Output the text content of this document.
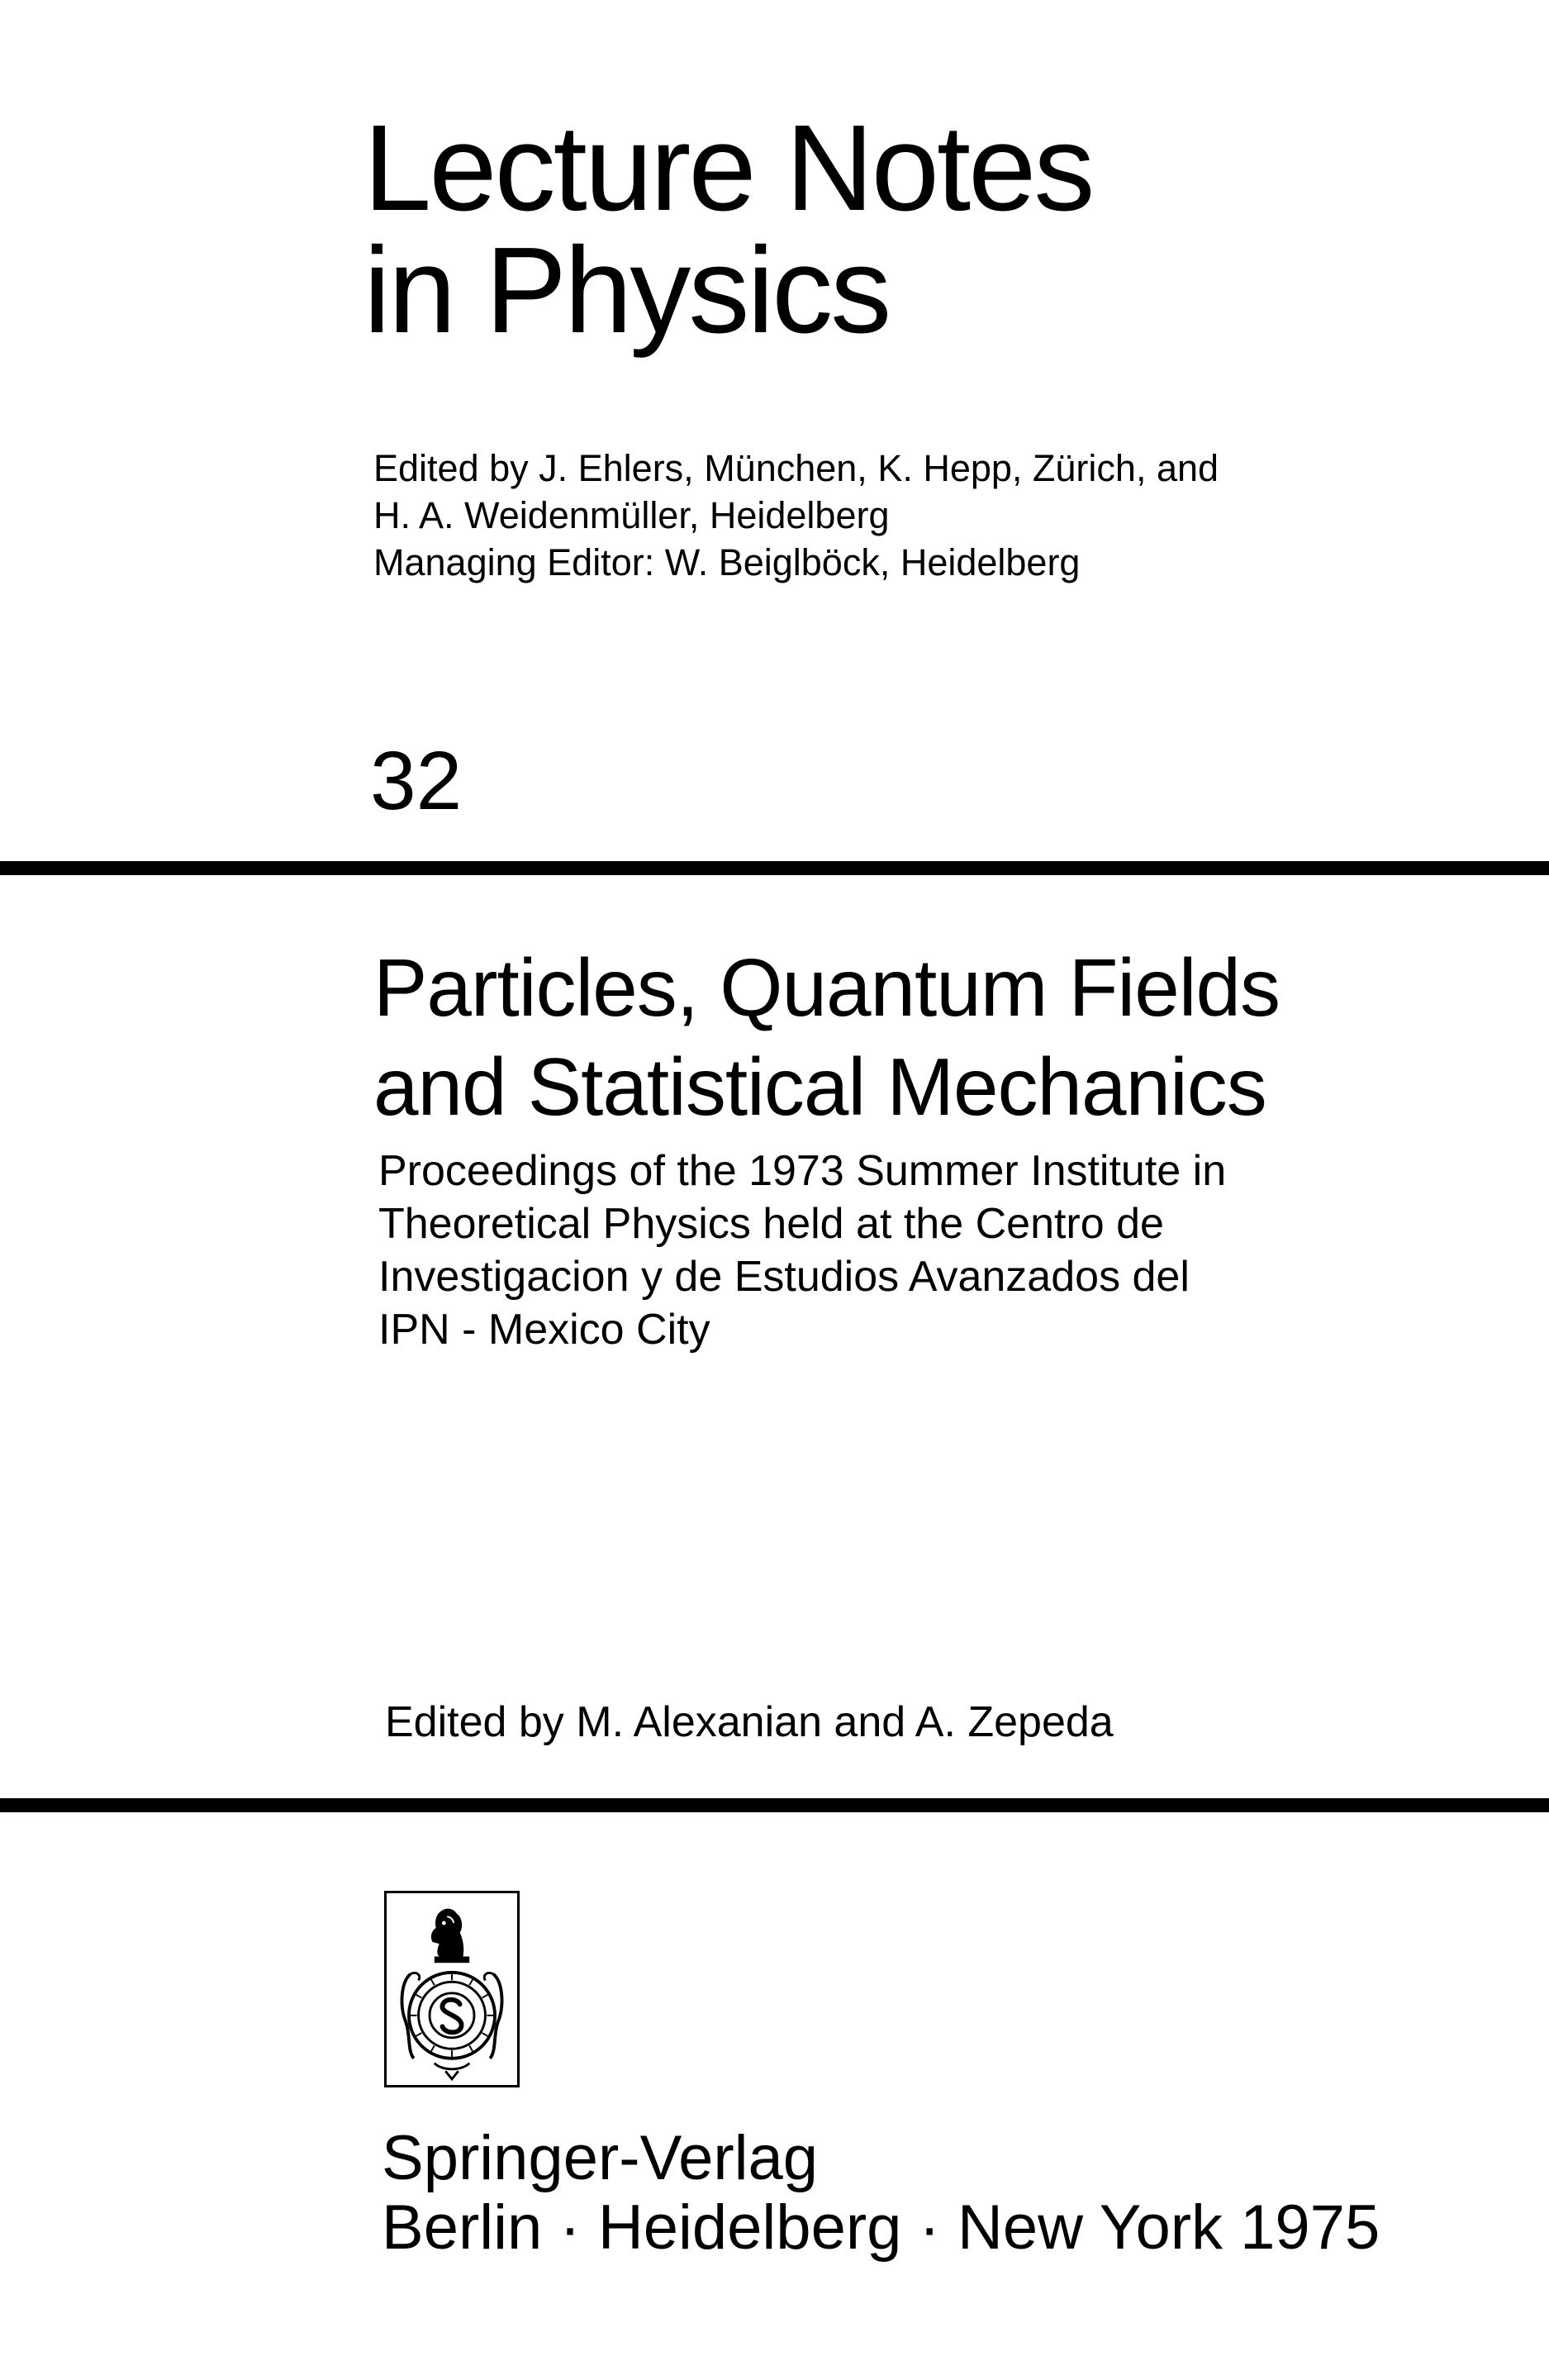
Lecture Notes
in Physics
Edited by J. Ehlers, München, K. Hepp, Zürich, and
H. A. Weidenmüller, Heidelberg
Managing Editor: W. Beiglböck, Heidelberg
32
Particles, Quantum Fields
and Statistical Mechanics
Proceedings of the 1973 Summer Institute in
Theoretical Physics held at the Centro de
Investigacion y de Estudios Avanzados del
IPN - Mexico City
Edited by M. Alexanian and A. Zepeda
Springer-Verlag
Berlin · Heidelberg · New York 1975
